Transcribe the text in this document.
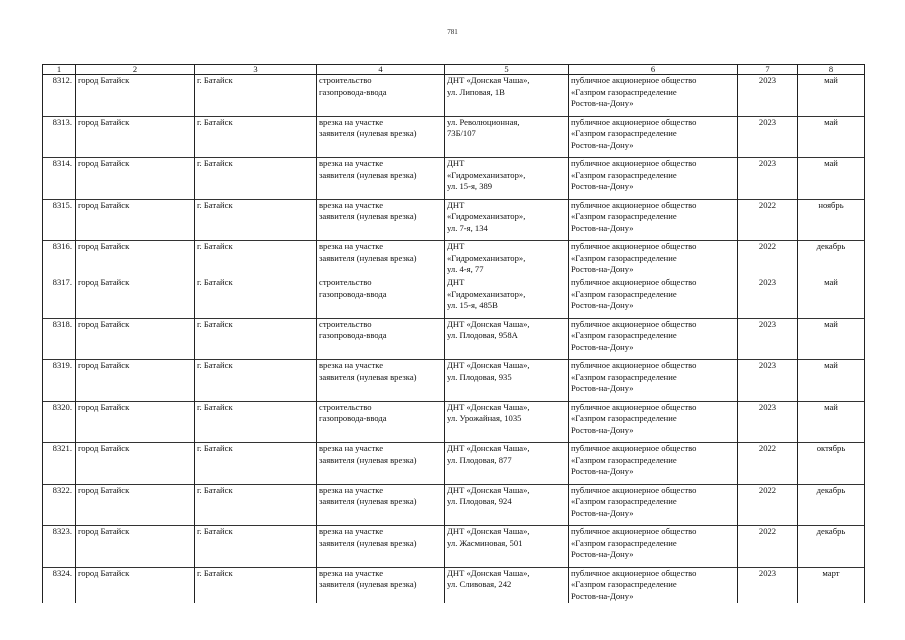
781
1	2	3	4	5	6	7	8
8312.	город Батайск	г. Батайск	строительство
газопровода-ввода	ДНТ «Донская Чаша»,
ул. Липовая, 1В	публичное акционерное общество
«Газпром газораспределение
Ростов-на-Дону»	2023	май
8313.	город Батайск	г. Батайск	врезка на участке
заявителя (нулевая врезка)	ул. Революционная,
73Б/107	публичное акционерное общество
«Газпром газораспределение
Ростов-на-Дону»	2023	май
8314.	город Батайск	г. Батайск	врезка на участке
заявителя (нулевая врезка)	ДНТ
«Гидромеханизатор»,
ул. 15-я, 389	публичное акционерное общество
«Газпром газораспределение
Ростов-на-Дону»	2023	май
8315.	город Батайск	г. Батайск	врезка на участке
заявителя (нулевая врезка)	ДНТ
«Гидромеханизатор»,
ул. 7-я, 134	публичное акционерное общество
«Газпром газораспределение
Ростов-на-Дону»	2022	ноябрь
8316.	город Батайск	г. Батайск	врезка на участке
заявителя (нулевая врезка)	ДНТ
«Гидромеханизатор»,
ул. 4-я, 77	публичное акционерное общество
«Газпром газораспределение
Ростов-на-Дону»	2022	декабрь
8317.	город Батайск	г. Батайск	строительство
газопровода-ввода	ДНТ
«Гидромеханизатор»,
ул. 15-я, 485В	публичное акционерное общество
«Газпром газораспределение
Ростов-на-Дону»	2023	май
8318.	город Батайск	г. Батайск	строительство
газопровода-ввода	ДНТ «Донская Чаша»,
ул. Плодовая, 958А	публичное акционерное общество
«Газпром газораспределение
Ростов-на-Дону»	2023	май
8319.	город Батайск	г. Батайск	врезка на участке
заявителя (нулевая врезка)	ДНТ «Донская Чаша»,
ул. Плодовая, 935	публичное акционерное общество
«Газпром газораспределение
Ростов-на-Дону»	2023	май
8320.	город Батайск	г. Батайск	строительство
газопровода-ввода	ДНТ «Донская Чаша»,
ул. Урожайная, 1035	публичное акционерное общество
«Газпром газораспределение
Ростов-на-Дону»	2023	май
8321.	город Батайск	г. Батайск	врезка на участке
заявителя (нулевая врезка)	ДНТ «Донская Чаша»,
ул. Плодовая, 877	публичное акционерное общество
«Газпром газораспределение
Ростов-на-Дону»	2022	октябрь
8322.	город Батайск	г. Батайск	врезка на участке
заявителя (нулевая врезка)	ДНТ «Донская Чаша»,
ул. Плодовая, 924	публичное акционерное общество
«Газпром газораспределение
Ростов-на-Дону»	2022	декабрь
8323.	город Батайск	г. Батайск	врезка на участке
заявителя (нулевая врезка)	ДНТ «Донская Чаша»,
ул. Жасминовая, 501	публичное акционерное общество
«Газпром газораспределение
Ростов-на-Дону»	2022	декабрь
8324.	город Батайск	г. Батайск	врезка на участке
заявителя (нулевая врезка)	ДНТ «Донская Чаша»,
ул. Сливовая, 242	публичное акционерное общество
«Газпром газораспределение
Ростов-на-Дону»	2023	март
